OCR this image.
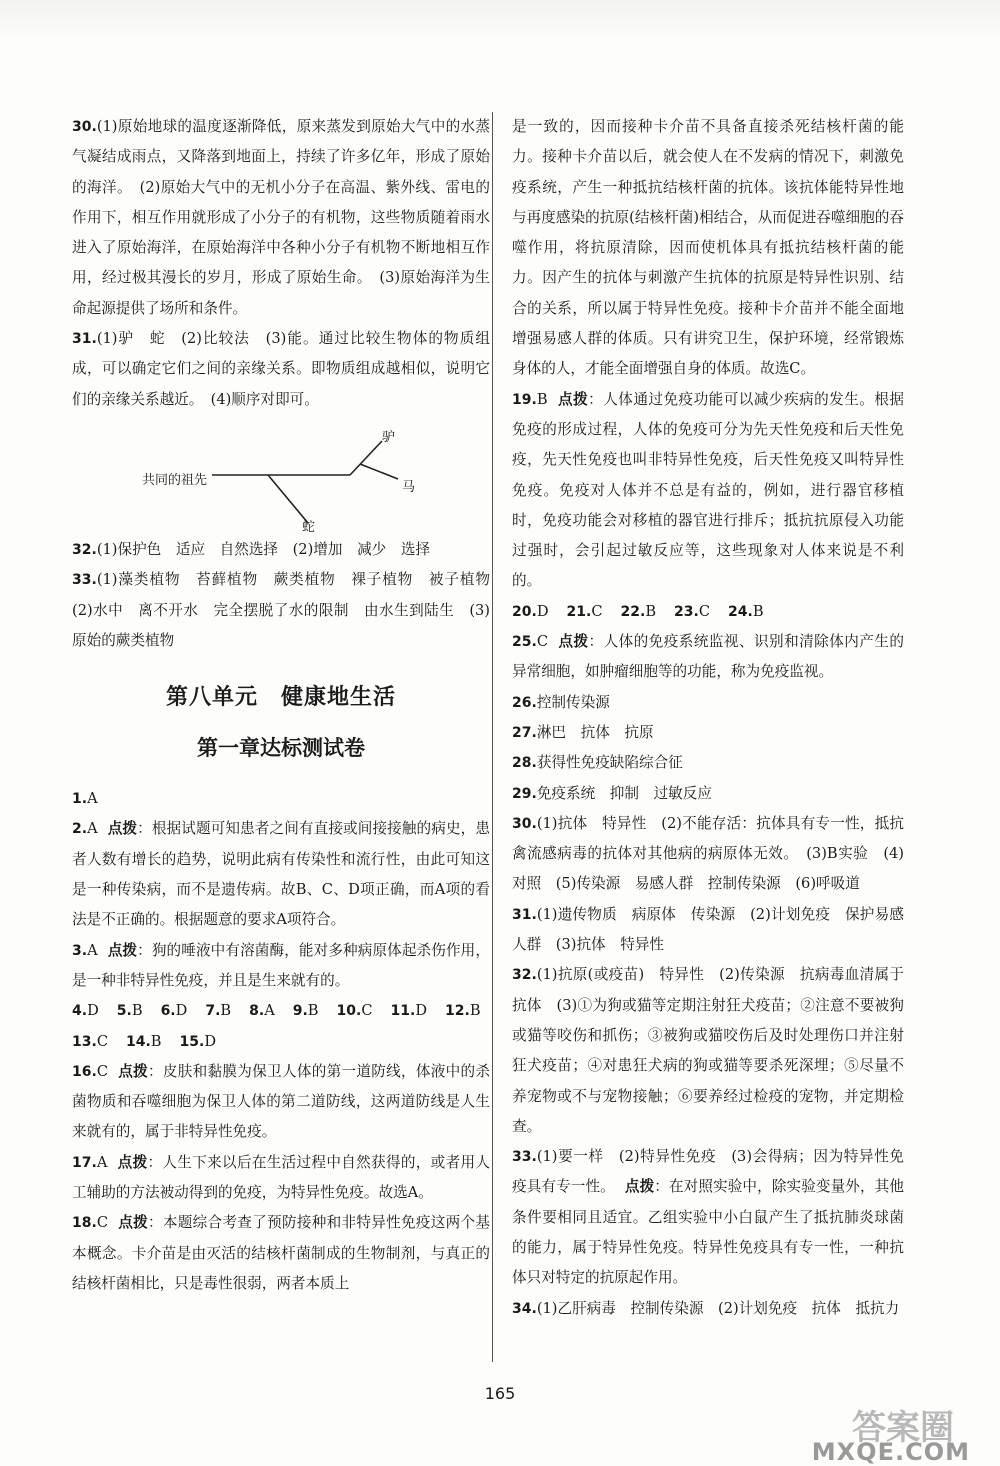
30.(1)原始地球的温度逐渐降低，原来蒸发到原始大气中的水蒸气凝结成雨点，又降落到地面上，持续了许多亿年，形成了原始的海洋。　(2)原始大气中的无机小分子在高温、紫外线、雷电的作用下，相互作用就形成了小分子的有机物，这些物质随着雨水进入了原始海洋，在原始海洋中各种小分子有机物不断地相互作用，经过极其漫长的岁月，形成了原始生命。　(3)原始海洋为生命起源提供了场所和条件。

31.(1)驴　蛇　(2)比较法　(3)能。通过比较生物体的物质组成，可以确定它们之间的亲缘关系。即物质组成越相似，说明它们的亲缘关系越近。　(4)顺序对即可。

共同的祖先
驴
马
蛇

32.(1)保护色　适应　自然选择　(2)增加　减少　选择

33.(1)藻类植物　苔藓植物　蕨类植物　裸子植物　被子植物　(2)水中　离不开水　完全摆脱了水的限制　由水生到陆生　(3)原始的蕨类植物

第八单元　健康地生活
第一章达标测试卷

1.A

2.A 点拨：根据试题可知患者之间有直接或间接接触的病史，患者人数有增长的趋势，说明此病有传染性和流行性，由此可知这是一种传染病，而不是遗传病。故B、C、D项正确，而A项的看法是不正确的。根据题意的要求A项符合。

3.A 点拨：狗的唾液中有溶菌酶，能对多种病原体起杀伤作用，是一种非特异性免疫，并且是生来就有的。

4.D 5.B 6.D 7.B 8.A 9.B 10.C 11.D 12.B
13.C 14.B 15.D

16.C 点拨：皮肤和黏膜为保卫人体的第一道防线，体液中的杀菌物质和吞噬细胞为保卫人体的第二道防线，这两道防线是人生来就有的，属于非特异性免疫。

17.A 点拨：人生下来以后在生活过程中自然获得的，或者用人工辅助的方法被动得到的免疫，为特异性免疫。故选A。

18.C 点拨：本题综合考查了预防接种和非特异性免疫这两个基本概念。卡介苗是由灭活的结核杆菌制成的生物制剂，与真正的结核杆菌相比，只是毒性很弱，两者本质上

是一致的，因而接种卡介苗不具备直接杀死结核杆菌的能力。接种卡介苗以后，就会使人在不发病的情况下，刺激免疫系统，产生一种抵抗结核杆菌的抗体。该抗体能特异性地与再度感染的抗原(结核杆菌)相结合，从而促进吞噬细胞的吞噬作用，将抗原清除，因而使机体具有抵抗结核杆菌的能力。因产生的抗体与刺激产生抗体的抗原是特异性识别、结合的关系，所以属于特异性免疫。接种卡介苗并不能全面地增强易感人群的体质。只有讲究卫生，保护环境，经常锻炼身体的人，才能全面增强自身的体质。故选C。

19.B 点拨：人体通过免疫功能可以减少疾病的发生。根据免疫的形成过程，人体的免疫可分为先天性免疫和后天性免疫，先天性免疫也叫非特异性免疫，后天性免疫又叫特异性免疫。免疫对人体并不总是有益的，例如，进行器官移植时，免疫功能会对移植的器官进行排斥；抵抗抗原侵入功能过强时，会引起过敏反应等，这些现象对人体来说是不利的。

20.D 21.C 22.B 23.C 24.B

25.C 点拨：人体的免疫系统监视、识别和清除体内产生的异常细胞，如肿瘤细胞等的功能，称为免疫监视。

26.控制传染源

27.淋巴　抗体　抗原

28.获得性免疫缺陷综合征

29.免疫系统　抑制　过敏反应

30.(1)抗体　特异性　(2)不能存活：抗体具有专一性，抵抗禽流感病毒的抗体对其他病的病原体无效。　(3)B实验　(4)对照　(5)传染源　易感人群　控制传染源　(6)呼吸道

31.(1)遗传物质　病原体　传染源　(2)计划免疫　保护易感人群　(3)抗体　特异性

32.(1)抗原(或疫苗)　特异性　(2)传染源　抗病毒血清属于抗体　(3)①为狗或猫等定期注射狂犬疫苗；②注意不要被狗或猫等咬伤和抓伤；③被狗或猫咬伤后及时处理伤口并注射狂犬疫苗；④对患狂犬病的狗或猫等要杀死深埋；⑤尽量不养宠物或不与宠物接触；⑥要养经过检疫的宠物，并定期检查。

33.(1)要一样　(2)特异性免疫　(3)会得病；因为特异性免疫具有专一性。 点拨：在对照实验中，除实验变量外，其他条件要相同且适宜。乙组实验中小白鼠产生了抵抗肺炎球菌的能力，属于特异性免疫。特异性免疫具有专一性，一种抗体只对特定的抗原起作用。

34.(1)乙肝病毒　控制传染源　(2)计划免疫　抗体　抵抗力

165
答案圈
MXQE.COM
